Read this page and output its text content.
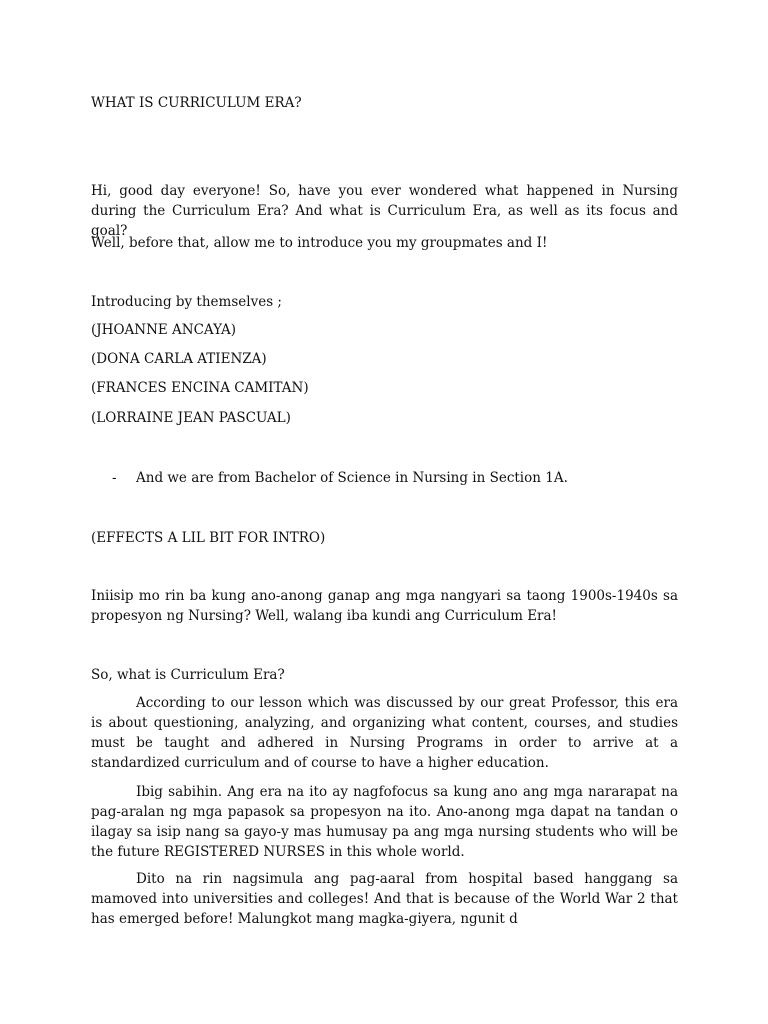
WHAT IS CURRICULUM ERA?
Hi, good day everyone! So, have you ever wondered what happened in Nursing during the Curriculum Era? And what is Curriculum Era, as well as its focus and goal?
Well, before that, allow me to introduce you my groupmates and I!
Introducing by themselves ;
(JHOANNE ANCAYA)
(DONA CARLA ATIENZA)
(FRANCES ENCINA CAMITAN)
(LORRAINE JEAN PASCUAL)
- And we are from Bachelor of Science in Nursing in Section 1A.
(EFFECTS A LIL BIT FOR INTRO)
Iniisip mo rin ba kung ano-anong ganap ang mga nangyari sa taong 1900s-1940s sa propesyon ng Nursing? Well, walang iba kundi ang Curriculum Era!
So, what is Curriculum Era?
According to our lesson which was discussed by our great Professor, this era is about questioning, analyzing, and organizing what content, courses, and studies must be taught and adhered in Nursing Programs in order to arrive at a standardized curriculum and of course to have a higher education.
Ibig sabihin. Ang era na ito ay nagfofocus sa kung ano ang mga nararapat na pag-aralan ng mga papasok sa propesyon na ito. Ano-anong mga dapat na tandan o ilagay sa isip nang sa gayo-y mas humusay pa ang mga nursing students who will be the future REGISTERED NURSES in this whole world.
Dito na rin nagsimula ang pag-aaral from hospital based hanggang sa mamoved into universities and colleges! And that is because of the World War 2 that has emerged before! Malungkot mang magka-giyera, ngunit d
